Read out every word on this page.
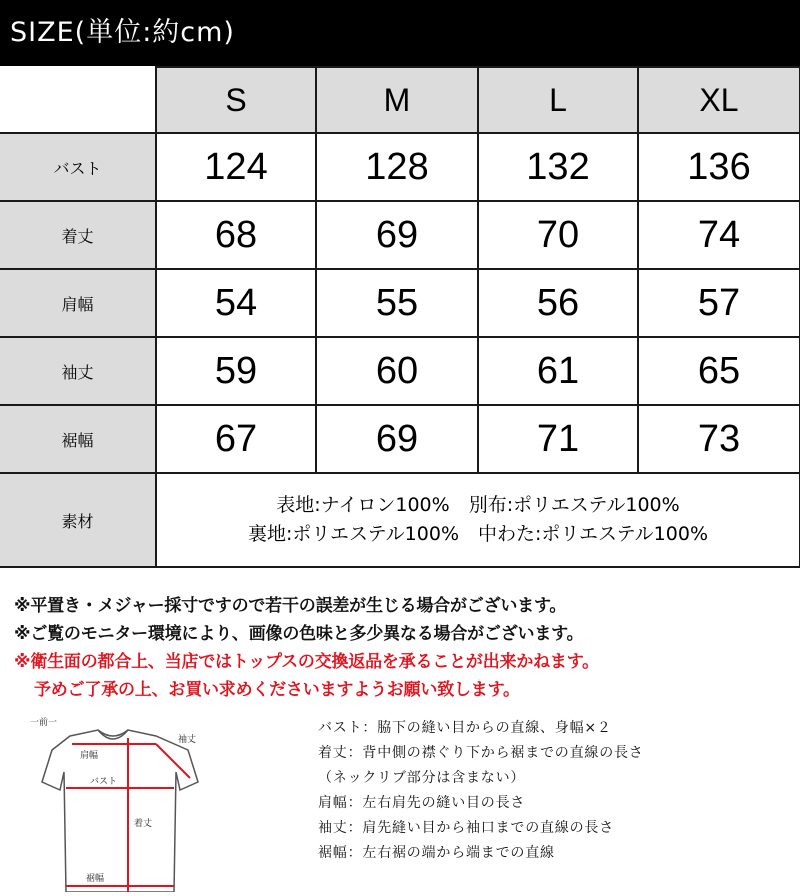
SIZE(単位:約cm)
	S	M	L	XL
バスト	124	128	132	136
着丈	68	69	70	74
肩幅	54	55	56	57
袖丈	59	60	61	65
裾幅	67	69	71	73
素材	表地:ナイロン100%　別布:ポリエステル100%
裏地:ポリエステル100%　中わた:ポリエステル100%			
※平置き・メジャー採寸ですので若干の誤差が生じる場合がございます。
※ご覧のモニター環境により、画像の色味と多少異なる場合がございます。
※衛生面の都合上、当店ではトップスの交換返品を承ることが出来かねます。
予めご了承の上、お買い求めくださいますようお願い致します。
一前一
肩幅
袖丈
バスト
着丈
裾幅
バスト：脇下の縫い目からの直線、身幅×２
着丈：背中側の襟ぐり下から裾までの直線の長さ
（ネックリブ部分は含まない）
肩幅：左右肩先の縫い目の長さ
袖丈：肩先縫い目から袖口までの直線の長さ
裾幅：左右裾の端から端までの直線
